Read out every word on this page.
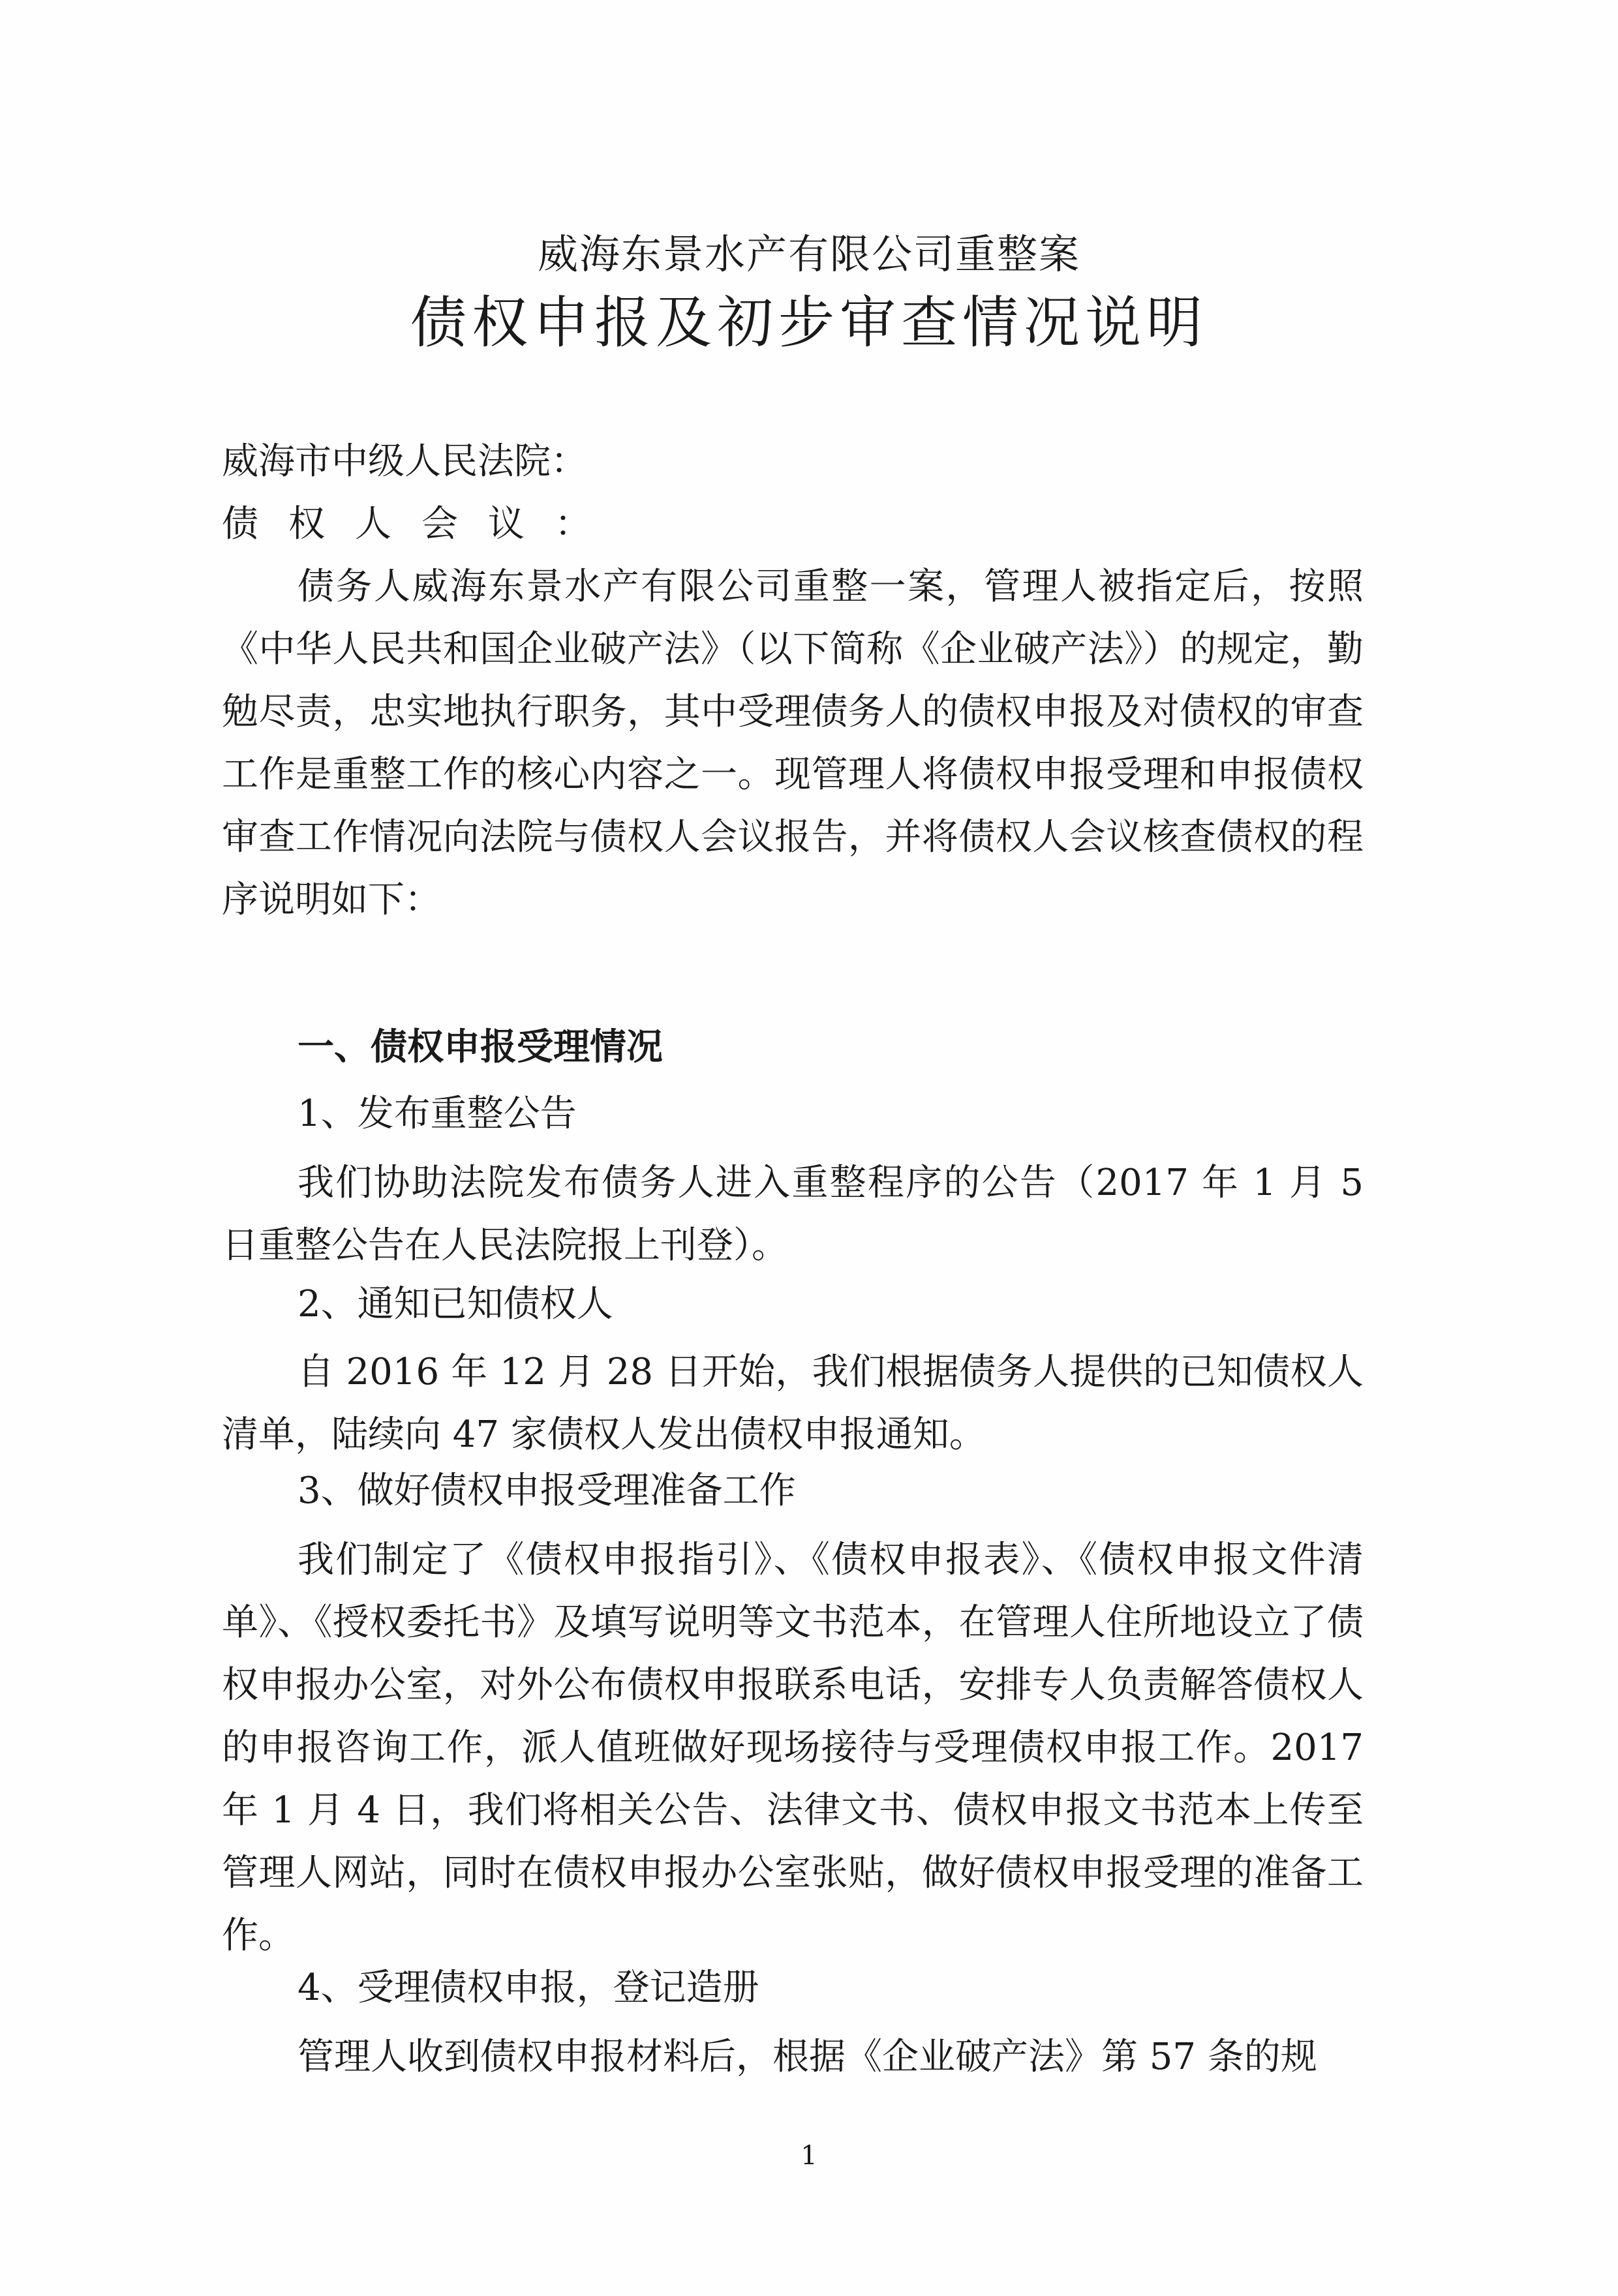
威海东景水产有限公司重整案
债权申报及初步审查情况说明
威海市中级人民法院：
债权人会议：
债务人威海东景水产有限公司重整一案，管理人被指定后，按照《中华人民共和国企业破产法》（以下简称《企业破产法》）的规定，勤勉尽责，忠实地执行职务，其中受理债务人的债权申报及对债权的审查工作是重整工作的核心内容之一。现管理人将债权申报受理和申报债权审查工作情况向法院与债权人会议报告，并将债权人会议核查债权的程序说明如下：
一、债权申报受理情况
1、发布重整公告
我们协助法院发布债务人进入重整程序的公告（2017 年 1 月 5 日重整公告在人民法院报上刊登）。
2、通知已知债权人
自 2016 年 12 月 28 日开始，我们根据债务人提供的已知债权人清单，陆续向 47 家债权人发出债权申报通知。
3、做好债权申报受理准备工作
我们制定了《债权申报指引》、《债权申报表》、《债权申报文件清单》、《授权委托书》及填写说明等文书范本，在管理人住所地设立了债权申报办公室，对外公布债权申报联系电话，安排专人负责解答债权人的申报咨询工作，派人值班做好现场接待与受理债权申报工作。2017 年 1 月 4 日，我们将相关公告、法律文书、债权申报文书范本上传至管理人网站，同时在债权申报办公室张贴，做好债权申报受理的准备工作。
4、受理债权申报，登记造册
管理人收到债权申报材料后，根据《企业破产法》第 57 条的规
1
